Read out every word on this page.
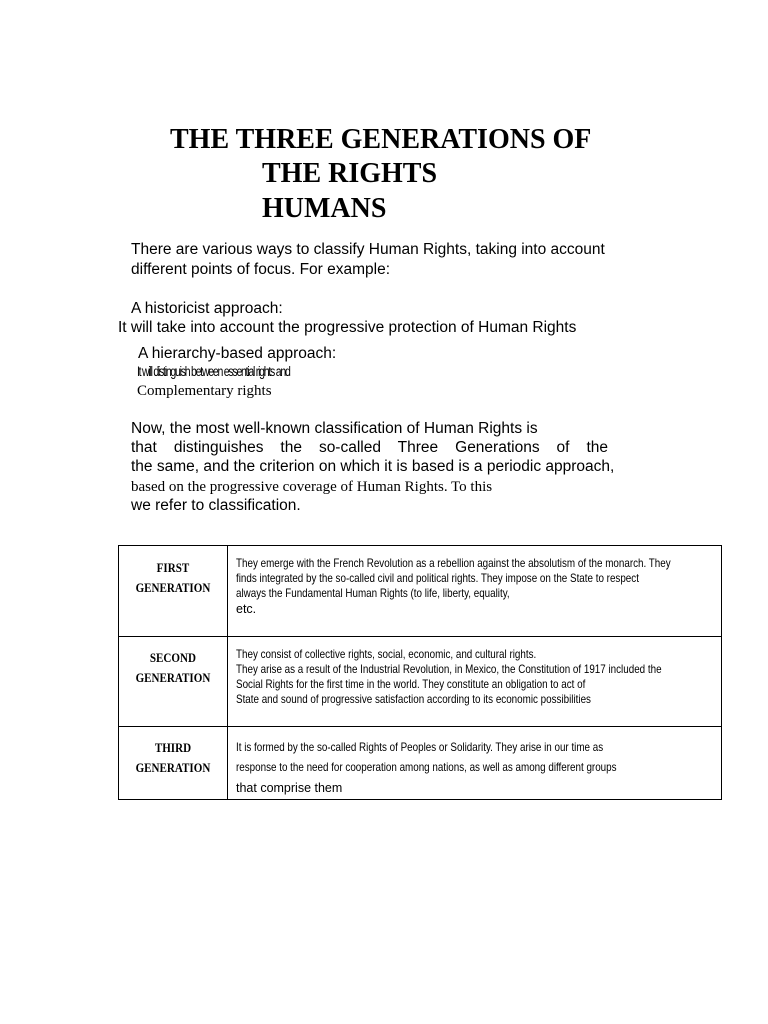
THE THREE GENERATIONS OF
THE RIGHTS
HUMANS
There are various ways to classify Human Rights, taking into account
different points of focus. For example:
A historicist approach:
It will take into account the progressive protection of Human Rights
A hierarchy-based approach:
It will distinguish between essential rights and
Complementary rights
Now, the most well-known classification of Human Rights is
that distinguishes the so-called Three Generations of the
the same, and the criterion on which it is based is a periodic approach,
based on the progressive coverage of Human Rights. To this
we refer to classification.
FIRST
GENERATION	They emerge with the French Revolution as a rebellion against the absolutism of the monarch. They
finds integrated by the so-called civil and political rights. They impose on the State to respect
always the Fundamental Human Rights (to life, liberty, equality,
etc.

SECOND
GENERATION	They consist of collective rights, social, economic, and cultural rights.
They arise as a result of the Industrial Revolution, in Mexico, the Constitution of 1917 included the
Social Rights for the first time in the world. They constitute an obligation to act of
State and sound of progressive satisfaction according to its economic possibilities

THIRD
GENERATION	It is formed by the so-called Rights of Peoples or Solidarity. They arise in our time as
response to the need for cooperation among nations, as well as among different groups
that comprise them
